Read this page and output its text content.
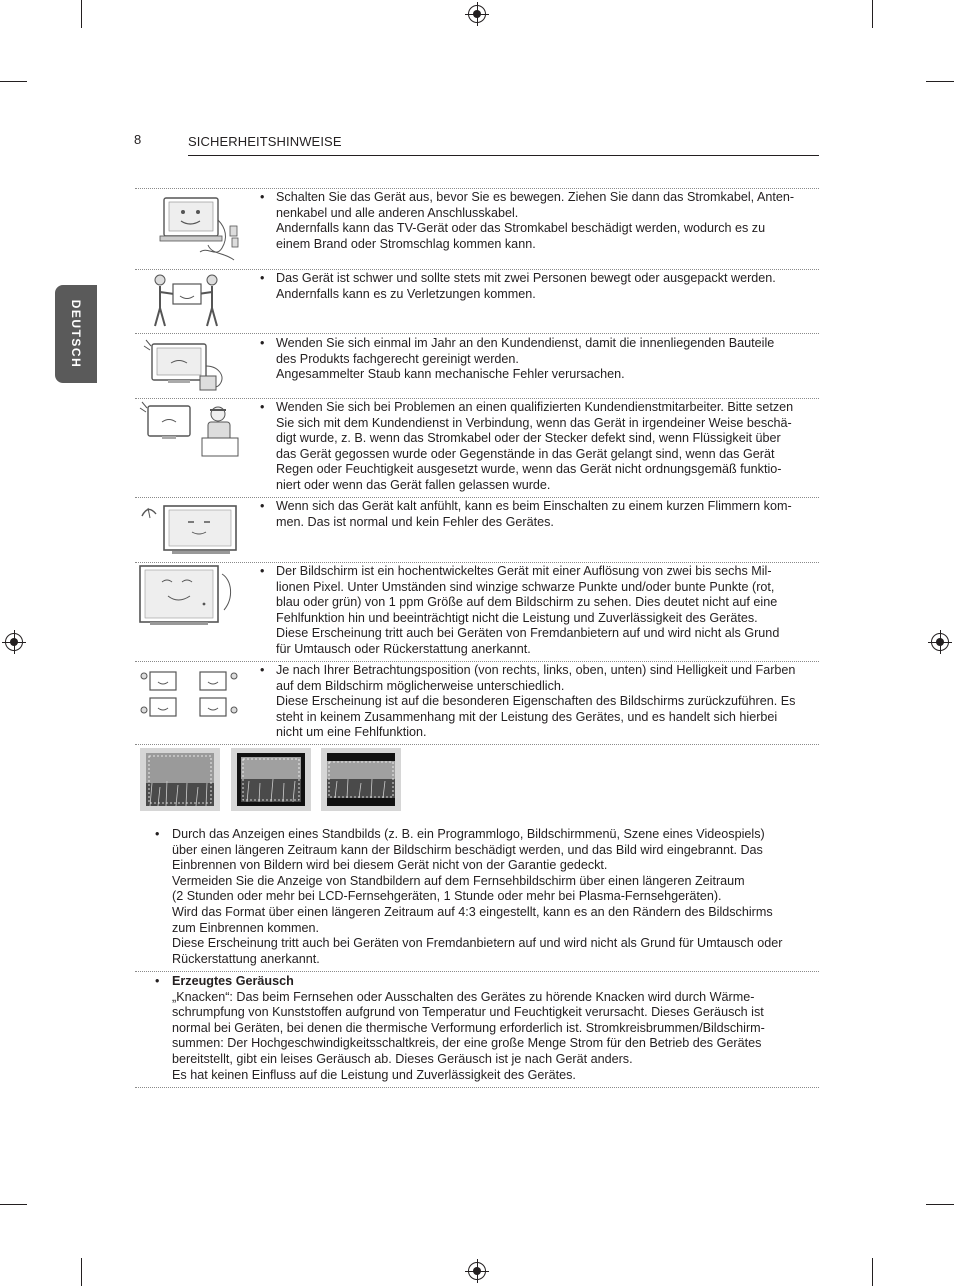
8	SICHERHEITSHINWEISE
DEUTSCH

• Schalten Sie das Gerät aus, bevor Sie es bewegen. Ziehen Sie dann das Stromkabel, Anten-

nenkabel und alle anderen Anschlusskabel.

Andernfalls kann das TV-Gerät oder das Stromkabel beschädigt werden, wodurch es zu

einem Brand oder Stromschlag kommen kann.

• Das Gerät ist schwer und sollte stets mit zwei Personen bewegt oder ausgepackt werden.

Andernfalls kann es zu Verletzungen kommen.

• Wenden Sie sich einmal im Jahr an den Kundendienst, damit die innenliegenden Bauteile

des Produkts fachgerecht gereinigt werden.

Angesammelter Staub kann mechanische Fehler verursachen.

• Wenden Sie sich bei Problemen an einen qualifizierten Kundendienstmitarbeiter. Bitte setzen

Sie sich mit dem Kundendienst in Verbindung, wenn das Gerät in irgendeiner Weise beschä-

digt wurde, z. B. wenn das Stromkabel oder der Stecker defekt sind, wenn Flüssigkeit über

das Gerät gegossen wurde oder Gegenstände in das Gerät gelangt sind, wenn das Gerät

Regen oder Feuchtigkeit ausgesetzt wurde, wenn das Gerät nicht ordnungsgemäß funktio-

niert oder wenn das Gerät fallen gelassen wurde.

• Wenn sich das Gerät kalt anfühlt, kann es beim Einschalten zu einem kurzen Flimmern kom-

men. Das ist normal und kein Fehler des Gerätes.

• Der Bildschirm ist ein hochentwickeltes Gerät mit einer Auflösung von zwei bis sechs Mil-

lionen Pixel. Unter Umständen sind winzige schwarze Punkte und/oder bunte Punkte (rot,

blau oder grün) von 1 ppm Größe auf dem Bildschirm zu sehen. Dies deutet nicht auf eine

Fehlfunktion hin und beeinträchtigt nicht die Leistung und Zuverlässigkeit des Gerätes.

Diese Erscheinung tritt auch bei Geräten von Fremdanbietern auf und wird nicht als Grund

für Umtausch oder Rückerstattung anerkannt.

• Je nach Ihrer Betrachtungsposition (von rechts, links, oben, unten) sind Helligkeit und Farben

auf dem Bildschirm möglicherweise unterschiedlich.

Diese Erscheinung ist auf die besonderen Eigenschaften des Bildschirms zurückzuführen. Es

steht in keinem Zusammenhang mit der Leistung des Gerätes, und es handelt sich hierbei

nicht um eine Fehlfunktion.

• Durch das Anzeigen eines Standbilds (z. B. ein Programmlogo, Bildschirmmenü, Szene eines Videospiels)

über einen längeren Zeitraum kann der Bildschirm beschädigt werden, und das Bild wird eingebrannt. Das

Einbrennen von Bildern wird bei diesem Gerät nicht von der Garantie gedeckt.

Vermeiden Sie die Anzeige von Standbildern auf dem Fernsehbildschirm über einen längeren Zeitraum

(2 Stunden oder mehr bei LCD-Fernsehgeräten, 1 Stunde oder mehr bei Plasma-Fernsehgeräten).

Wird das Format über einen längeren Zeitraum auf 4:3 eingestellt, kann es an den Rändern des Bildschirms

zum Einbrennen kommen.

Diese Erscheinung tritt auch bei Geräten von Fremdanbietern auf und wird nicht als Grund für Umtausch oder

Rückerstattung anerkannt.

• Erzeugtes Geräusch

„Knacken“: Das beim Fernsehen oder Ausschalten des Gerätes zu hörende Knacken wird durch Wärme-

schrumpfung von Kunststoffen aufgrund von Temperatur und Feuchtigkeit verursacht. Dieses Geräusch ist

normal bei Geräten, bei denen die thermische Verformung erforderlich ist. Stromkreisbrummen/Bildschirm-

summen: Der Hochgeschwindigkeitsschaltkreis, der eine große Menge Strom für den Betrieb des Gerätes

bereitstellt, gibt ein leises Geräusch ab. Dieses Geräusch ist je nach Gerät anders.

Es hat keinen Einfluss auf die Leistung und Zuverlässigkeit des Gerätes.
